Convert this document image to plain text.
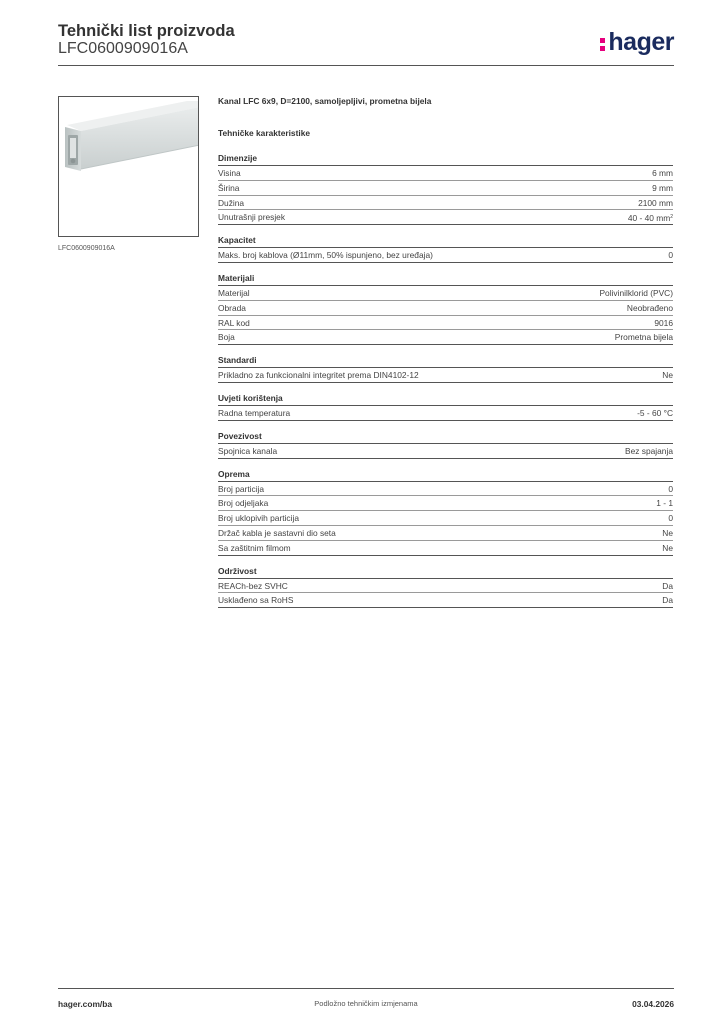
Tehnički list proizvoda
LFC0600909016A	hager
LFC0600909016A
Kanal LFC 6x9, D=2100, samoljepljivi, prometna bijela
Tehničke karakteristike
Dimenzije
Visina	6 mm
Širina	9 mm
Dužina	2100 mm
Unutrašnji presjek	40 - 40 $mm^2$
Kapacitet
Maks. broj kablova (Ø11mm, 50% ispunjeno, bez uređaja)	0
Materijali
Materijal	Polivinilklorid (PVC)
Obrada	Neobrađeno
RAL kod	9016
Boja	Prometna bijela
Standardi
Prikladno za funkcionalni integritet prema DIN4102-12	Ne
Uvjeti korištenja
Radna temperatura	-5 - 60 °C
Povezivost
Spojnica kanala	Bez spajanja
Oprema
Broj particija	0
Broj odjeljaka	1 - 1
Broj uklopivih particija	0
Držač kabla je sastavni dio seta	Ne
Sa zaštitnim filmom	Ne
Održivost
REACh-bez SVHC	Da
Usklađeno sa RoHS	Da
hager.com/ba	Podložno tehničkim izmjenama	03.04.2026
